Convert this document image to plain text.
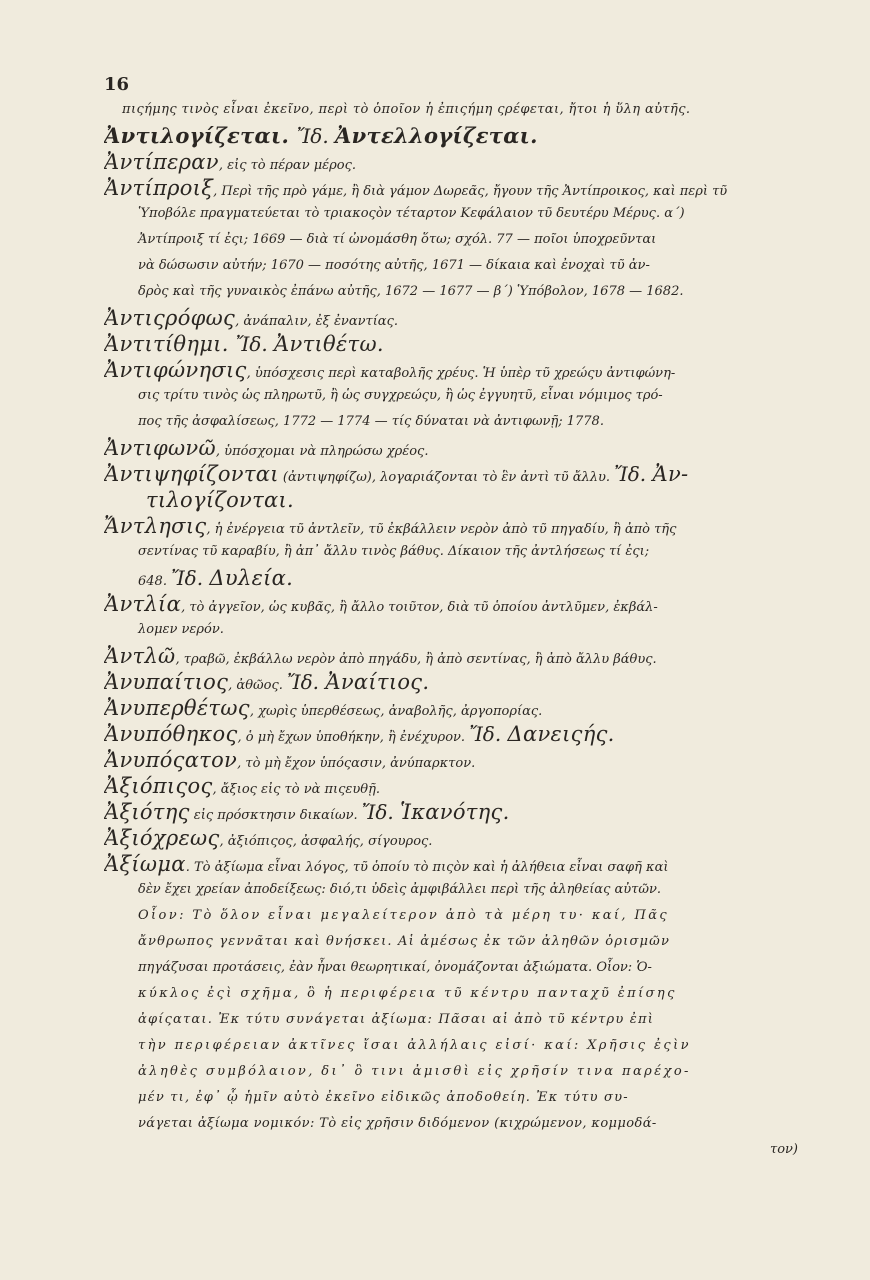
16
πιςήμης τινὸς εἶναι ἐκεῖνο, περὶ τὸ ὁποῖον ἡ ἐπιςήμη ςρέφεται, ἤτοι ἡ ὕλη αὐτῆς.
Ἀντιλογίζεται. Ἴδ. Ἀντελλογίζεται.
Ἀντίπεραν, εἰς τὸ πέραν μέρος.
Ἀντίπροιξ, Περὶ τῆς πρὸ γάμε, ἢ διὰ γάμον Δωρεᾶς, ἤγουν τῆς Ἀντίπροικος, καὶ περὶ τῦ
Ὑποβόλε πραγματεύεται τὸ τριακοςὸν τέταρτον Κεφάλαιον τῦ δευτέρυ Μέρυς. α΄)
Ἀντίπροιξ τί ἐςι; 1669 — διὰ τί ὠνομάσθη ὅτω; σχόλ. 77 — ποῖοι ὑποχρεῦνται
νὰ δώσωσιν αὐτήν; 1670 — ποσότης αὐτῆς, 1671 — δίκαια καὶ ἐνοχαὶ τῦ ἀν-
δρὸς καὶ τῆς γυναικὸς ἐπάνω αὐτῆς, 1672 — 1677 — β΄) Ὑπόβολον, 1678 — 1682.
Ἀντιςρόφως, ἀνάπαλιν, ἐξ ἐναντίας.
Ἀντιτίθημι. Ἴδ. Ἀντιθέτω.
Ἀντιφώνησις, ὑπόσχεσις περὶ καταβολῆς χρέυς. Ἡ ὑπὲρ τῦ χρεώςυ ἀντιφώνη-
σις τρίτυ τινὸς ὡς πληρωτῦ, ἢ ὡς συγχρεώςυ, ἢ ὡς ἐγγυητῦ, εἶναι νόμιμος τρό-
πος τῆς ἀσφαλίσεως, 1772 — 1774 — τίς δύναται νὰ ἀντιφωνῇ; 1778.
Ἀντιφωνῶ, ὑπόσχομαι νὰ πληρώσω χρέος.
Ἀντιψηφίζονται (ἀντιψηφίζω), λογαριάζονται τὸ ἓν ἀντὶ τῦ ἄλλυ. Ἴδ. Ἀν-
τιλογίζονται.
Ἄντλησις, ἡ ἐνέργεια τῦ ἀντλεῖν, τῦ ἐκβάλλειν νερὸν ἀπὸ τῦ πηγαδίυ, ἢ ἀπὸ τῆς
σεντίνας τῦ καραβίυ, ἢ ἀπ᾽ ἄλλυ τινὸς βάθυς. Δίκαιον τῆς ἀντλήσεως τί ἐςι;
648. Ἴδ. Δυλεία.
Ἀντλία, τὸ ἀγγεῖον, ὡς κυβᾶς, ἢ ἄλλο τοιῦτον, διὰ τῦ ὁποίου ἀντλῦμεν, ἐκβάλ-
λομεν νερόν.
Ἀντλῶ, τραβῶ, ἐκβάλλω νερὸν ἀπὸ πηγάδυ, ἢ ἀπὸ σεντίνας, ἢ ἀπὸ ἄλλυ βάθυς.
Ἀνυπαίτιος, ἀθῶος. Ἴδ. Ἀναίτιος.
Ἀνυπερθέτως, χωρὶς ὑπερθέσεως, ἀναβολῆς, ἀργοπορίας.
Ἀνυπόθηκος, ὁ μὴ ἔχων ὑποθήκην, ἢ ἐνέχυρον. Ἴδ. Δανειςής.
Ἀνυπόςατον, τὸ μὴ ἔχον ὑπόςασιν, ἀνύπαρκτον.
Ἀξιόπιςος, ἄξιος εἰς τὸ νὰ πιςευθῇ.
Ἀξιότης εἰς πρόσκτησιν δικαίων. Ἴδ. Ἱκανότης.
Ἀξιόχρεως, ἀξιόπιςος, ἀσφαλής, σίγουρος.
Ἀξίωμα. Τὸ ἀξίωμα εἶναι λόγος, τῦ ὁποίυ τὸ πιςὸν καὶ ἡ ἀλήθεια εἶναι σαφῆ καὶ
δὲν ἔχει χρείαν ἀποδείξεως: διό,τι ὐδεὶς ἀμφιβάλλει περὶ τῆς ἀληθείας αὐτῶν.
Οἷον: Τὸ ὅλον εἶναι μεγαλείτερον ἀπὸ τὰ μέρη τυ· καί, Πᾶς
ἄνθρωπος γεννᾶται καὶ θνήσκει. Αἱ ἀμέσως ἐκ τῶν ἀληθῶν ὁρισμῶν
πηγάζυσαι προτάσεις, ἐὰν ἦναι θεωρητικαί, ὀνομάζονται ἀξιώματα. Οἷον: Ὁ-
κύκλος ἐςὶ σχῆμα, ὃ ἡ περιφέρεια τῦ κέντρυ πανταχῦ ἐπίσης
ἀφίςαται. Ἐκ τύτυ συνάγεται ἀξίωμα: Πᾶσαι αἱ ἀπὸ τῦ κέντρυ ἐπὶ
τὴν περιφέρειαν ἀκτῖνες ἴσαι ἀλλήλαις εἰσί· καί: Χρῆσις ἐςὶν
ἀληθὲς συμβόλαιον, δι᾽ ὃ τινι ἀμισθὶ εἰς χρῆσίν τινα παρέχο-
μέν τι, ἐφ᾽ ᾧ ἡμῖν αὐτὸ ἐκεῖνο εἰδικῶς ἀποδοθείη. Ἐκ τύτυ συ-
νάγεται ἀξίωμα νομικόν: Τὸ εἰς χρῆσιν διδόμενον (κιχρώμενον, κομμοδά-
τον)
